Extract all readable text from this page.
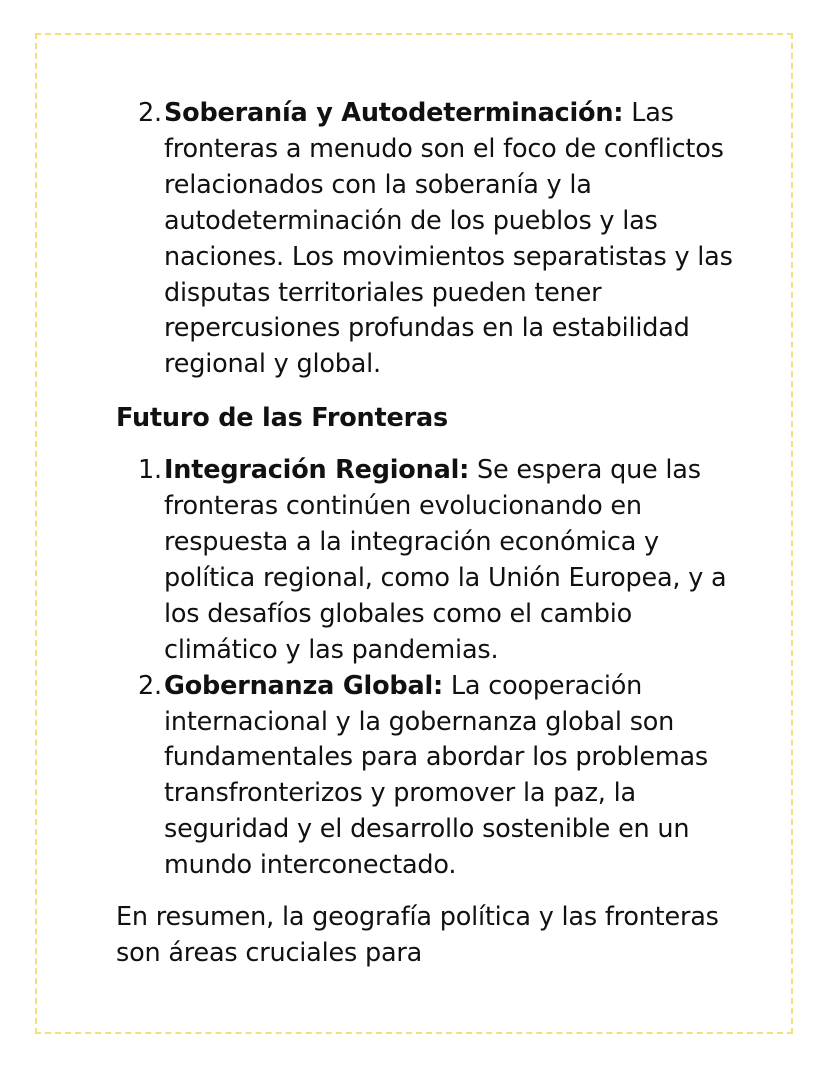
2. Soberanía y Autodeterminación: Las fronteras a menudo son el foco de conflictos relacionados con la soberanía y la autodeterminación de los pueblos y las naciones. Los movimientos separatistas y las disputas territoriales pueden tener repercusiones profundas en la estabilidad regional y global.
Futuro de las Fronteras
1. Integración Regional: Se espera que las fronteras continúen evolucionando en respuesta a la integración económica y política regional, como la Unión Europea, y a los desafíos globales como el cambio climático y las pandemias.
2. Gobernanza Global: La cooperación internacional y la gobernanza global son fundamentales para abordar los problemas transfronterizos y promover la paz, la seguridad y el desarrollo sostenible en un mundo interconectado.

En resumen, la geografía política y las fronteras son áreas cruciales para
